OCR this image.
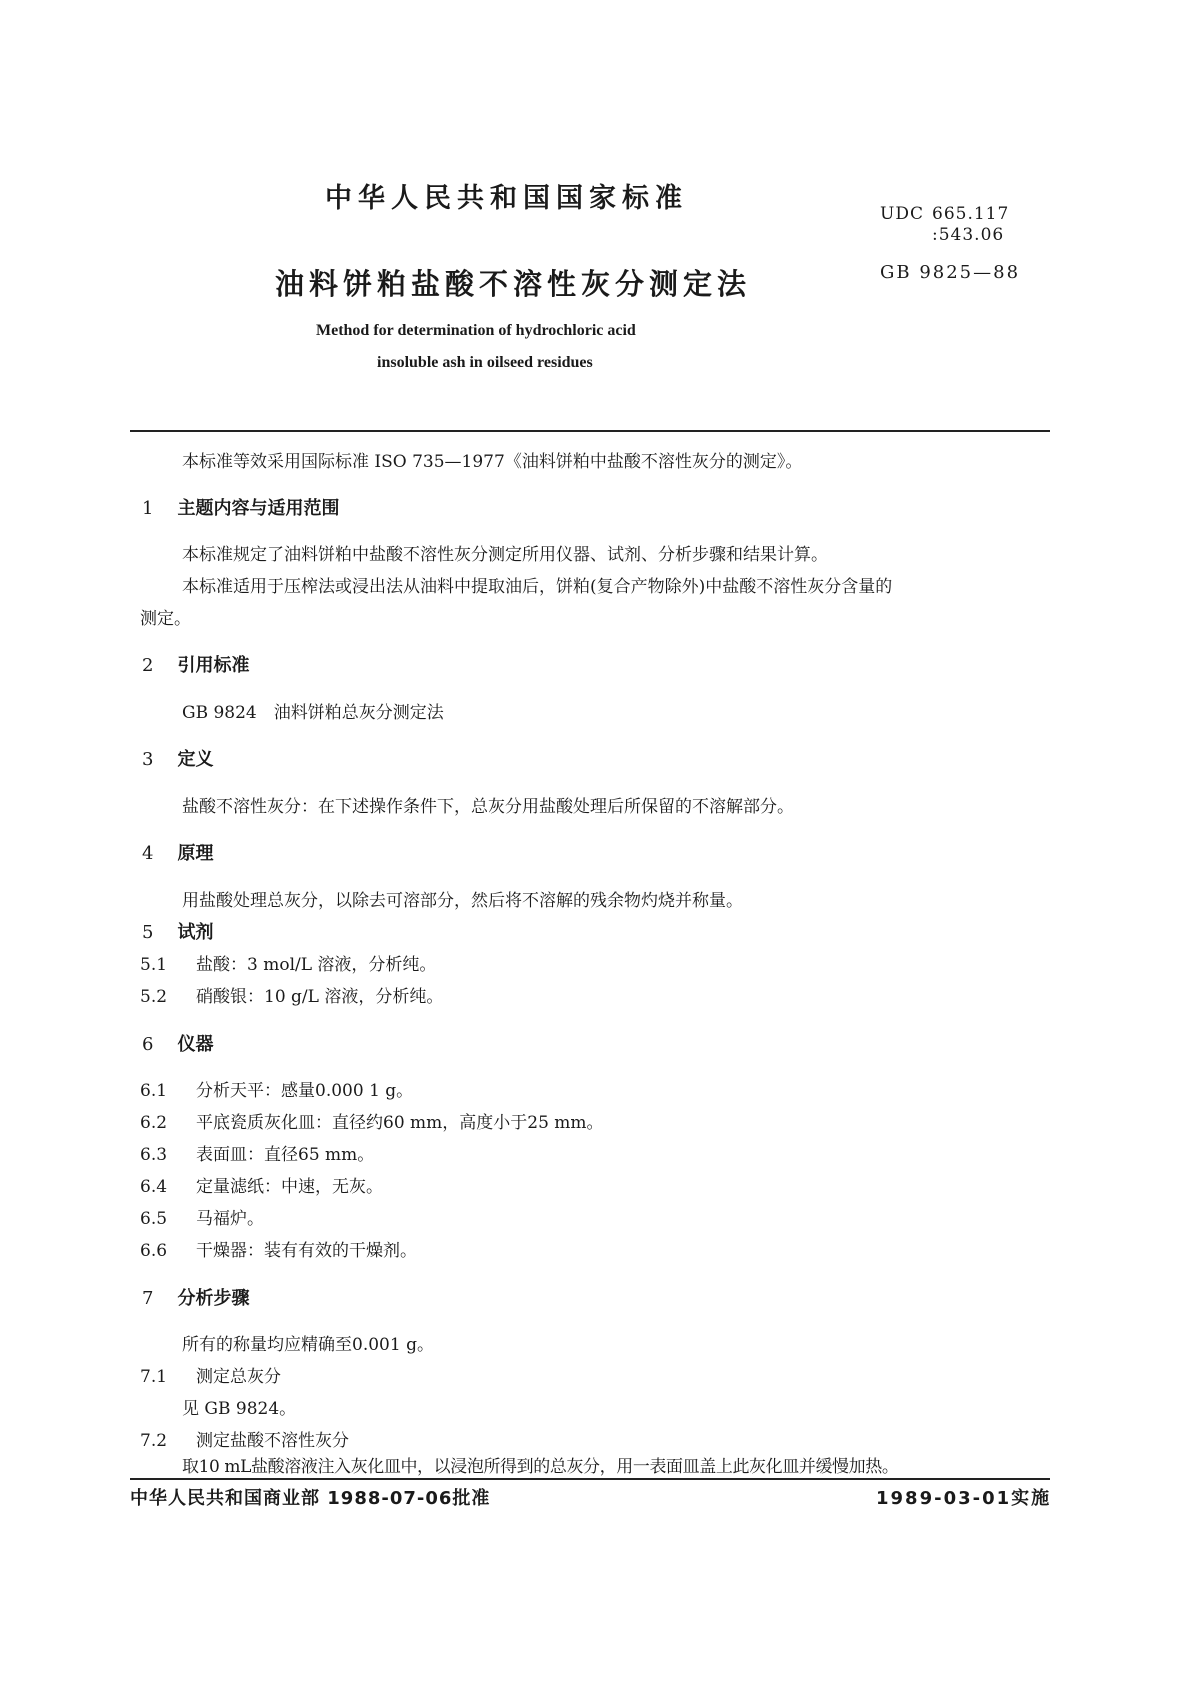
中华人民共和国国家标准	UDC 665.117
:543.06
油料饼粕盐酸不溶性灰分测定法	GB 9825—88
Method for determination of hydrochloric acid
insoluble ash in oilseed residues
本标准等效采用国际标准 ISO 735—1977《油料饼粕中盐酸不溶性灰分的测定》。
1 主题内容与适用范围
本标准规定了油料饼粕中盐酸不溶性灰分测定所用仪器、试剂、分析步骤和结果计算。
本标准适用于压榨法或浸出法从油料中提取油后，饼粕(复合产物除外)中盐酸不溶性灰分含量的
测定。
2 引用标准
GB 9824　油料饼粕总灰分测定法
3 定义
盐酸不溶性灰分：在下述操作条件下，总灰分用盐酸处理后所保留的不溶解部分。
4 原理
用盐酸处理总灰分，以除去可溶部分，然后将不溶解的残余物灼烧并称量。
5 试剂
5.1 盐酸：3 mol/L 溶液，分析纯。
5.2 硝酸银：10 g/L 溶液，分析纯。
6 仪器
6.1 分析天平：感量0.000 1 g。
6.2 平底瓷质灰化皿：直径约60 mm，高度小于25 mm。
6.3 表面皿：直径65 mm。
6.4 定量滤纸：中速，无灰。
6.5 马福炉。
6.6 干燥器：装有有效的干燥剂。
7 分析步骤
所有的称量均应精确至0.001 g。
7.1 测定总灰分
见 GB 9824。
7.2 测定盐酸不溶性灰分
取10 mL盐酸溶液注入灰化皿中，以浸泡所得到的总灰分，用一表面皿盖上此灰化皿并缓慢加热。
中华人民共和国商业部 1988-07-06批准	1989-03-01实施
